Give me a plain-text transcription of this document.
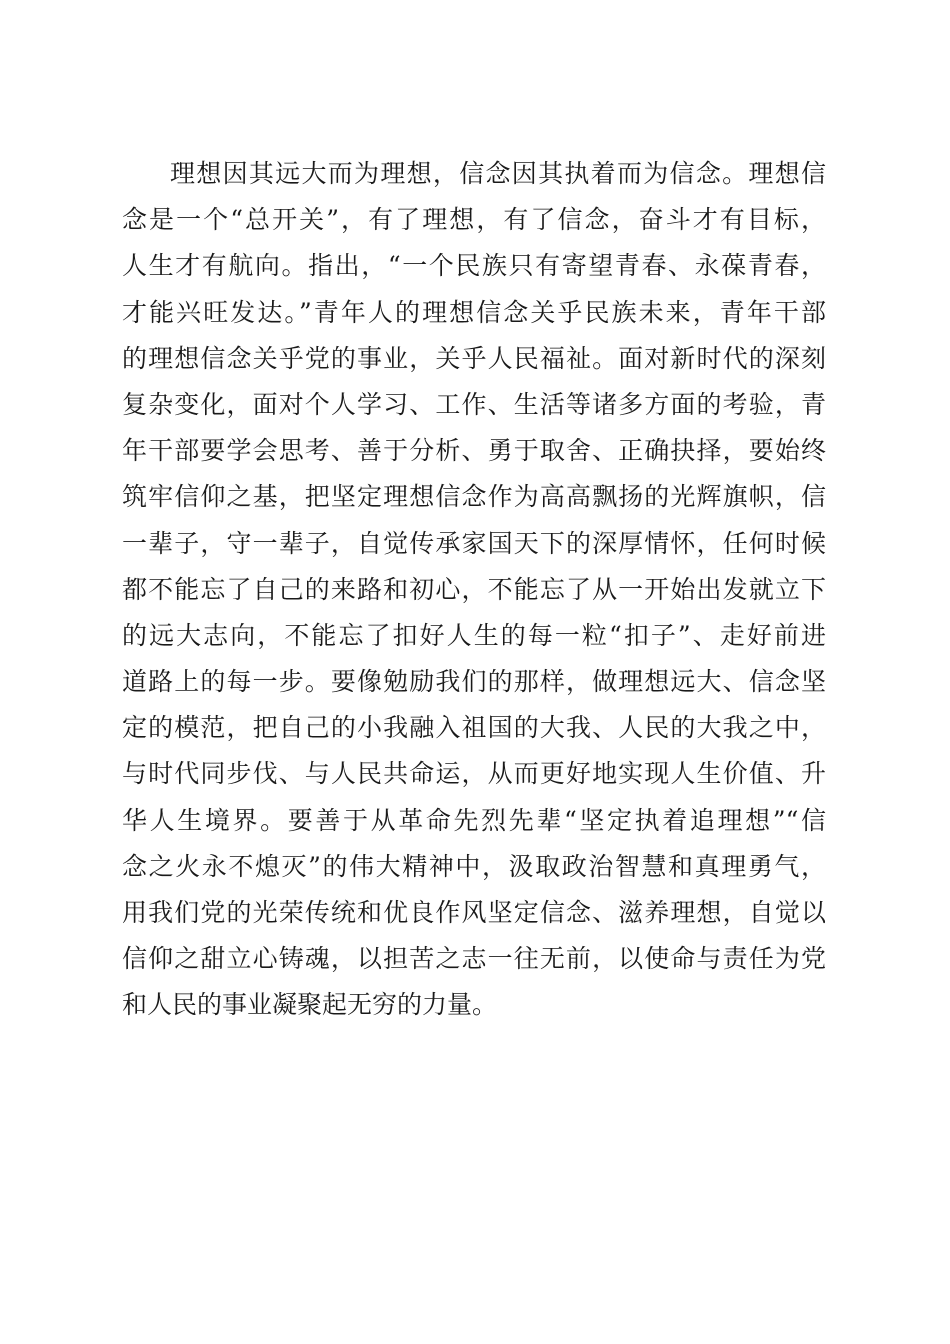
理想因其远大而为理想，信念因其执着而为信念。理想信
念是一个“总开关”，有了理想，有了信念，奋斗才有目标，
人生才有航向。指出，“一个民族只有寄望青春、永葆青春，
才能兴旺发达。”青年人的理想信念关乎民族未来，青年干部
的理想信念关乎党的事业，关乎人民福祉。面对新时代的深刻
复杂变化，面对个人学习、工作、生活等诸多方面的考验，青
年干部要学会思考、善于分析、勇于取舍、正确抉择，要始终
筑牢信仰之基，把坚定理想信念作为高高飘扬的光辉旗帜，信
一辈子，守一辈子，自觉传承家国天下的深厚情怀，任何时候
都不能忘了自己的来路和初心，不能忘了从一开始出发就立下
的远大志向，不能忘了扣好人生的每一粒“扣子”、走好前进
道路上的每一步。要像勉励我们的那样，做理想远大、信念坚
定的模范，把自己的小我融入祖国的大我、人民的大我之中，
与时代同步伐、与人民共命运，从而更好地实现人生价值、升
华人生境界。要善于从革命先烈先辈“坚定执着追理想”“信
念之火永不熄灭”的伟大精神中，汲取政治智慧和真理勇气，
用我们党的光荣传统和优良作风坚定信念、滋养理想，自觉以
信仰之甜立心铸魂，以担苦之志一往无前，以使命与责任为党
和人民的事业凝聚起无穷的力量。
